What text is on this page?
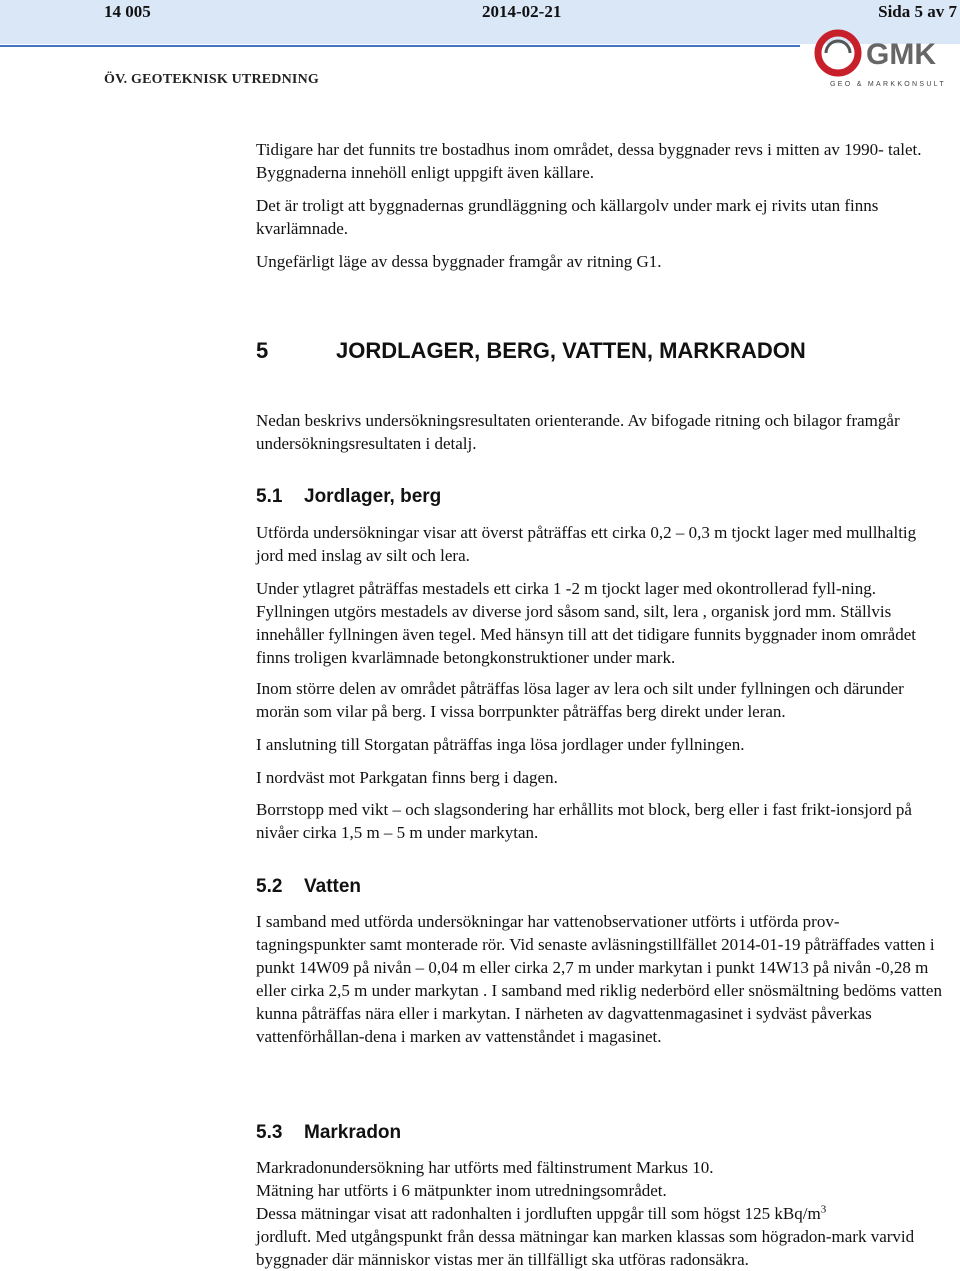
14 005	2014-02-21	Sida 5 av 7
ÖV. GEOTEKNISK UTREDNING
GMK
GEO & MARKKONSULT

Tidigare har det funnits tre bostadhus inom området, dessa byggnader revs i mitten av 1990- talet. Byggnaderna innehöll enligt uppgift även källare.

Det är troligt att byggnadernas grundläggning och källargolv under mark ej rivits utan finns kvarlämnade.

Ungefärligt läge av dessa byggnader framgår av ritning G1.

5	JORDLAGER, BERG, VATTEN, MARKRADON

Nedan beskrivs undersökningsresultaten orienterande. Av bifogade ritning och bilagor framgår undersökningsresultaten i detalj.

5.1 Jordlager, berg

Utförda undersökningar visar att överst påträffas ett cirka 0,2 – 0,3 m tjockt lager med mullhaltig jord med inslag av silt och lera.

Under ytlagret påträffas mestadels ett cirka 1 -2 m tjockt lager med okontrollerad fyll-ning. Fyllningen utgörs mestadels av diverse jord såsom sand, silt, lera , organisk jord mm. Ställvis innehåller fyllningen även tegel. Med hänsyn till att det tidigare funnits byggnader inom området finns troligen kvarlämnade betongkonstruktioner under mark.

Inom större delen av området påträffas lösa lager av lera och silt under fyllningen och därunder morän som vilar på berg. I vissa borrpunkter påträffas berg direkt under leran.

I anslutning till Storgatan påträffas inga lösa jordlager under fyllningen.

I nordväst mot Parkgatan finns berg i dagen.

Borrstopp med vikt – och slagsondering har erhållits mot block, berg eller i fast frikt-ionsjord på nivåer cirka 1,5 m – 5 m under markytan.

5.2 Vatten

I samband med utförda undersökningar har vattenobservationer utförts i utförda prov-tagningspunkter samt monterade rör. Vid senaste avläsningstillfället 2014-01-19 påträffades vatten i punkt 14W09 på nivån – 0,04 m eller cirka 2,7 m under markytan i punkt 14W13 på nivån -0,28 m eller cirka 2,5 m under markytan . I samband med riklig nederbörd eller snösmältning bedöms vatten kunna påträffas nära eller i markytan. I närheten av dagvattenmagasinet i sydväst påverkas vattenförhållan-dena i marken av vattenståndet i magasinet.

5.3 Markradon
Markradonundersökning har utförts med fältinstrument Markus 10.
Mätning har utförts i 6 mätpunkter inom utredningsområdet.
Dessa mätningar visat att radonhalten i jordluften uppgår till som högst 125 kBq/$m^3$
jordluft. Med utgångspunkt från dessa mätningar kan marken klassas som högradon-mark varvid byggnader där människor vistas mer än tillfälligt ska utföras radonsäkra.
